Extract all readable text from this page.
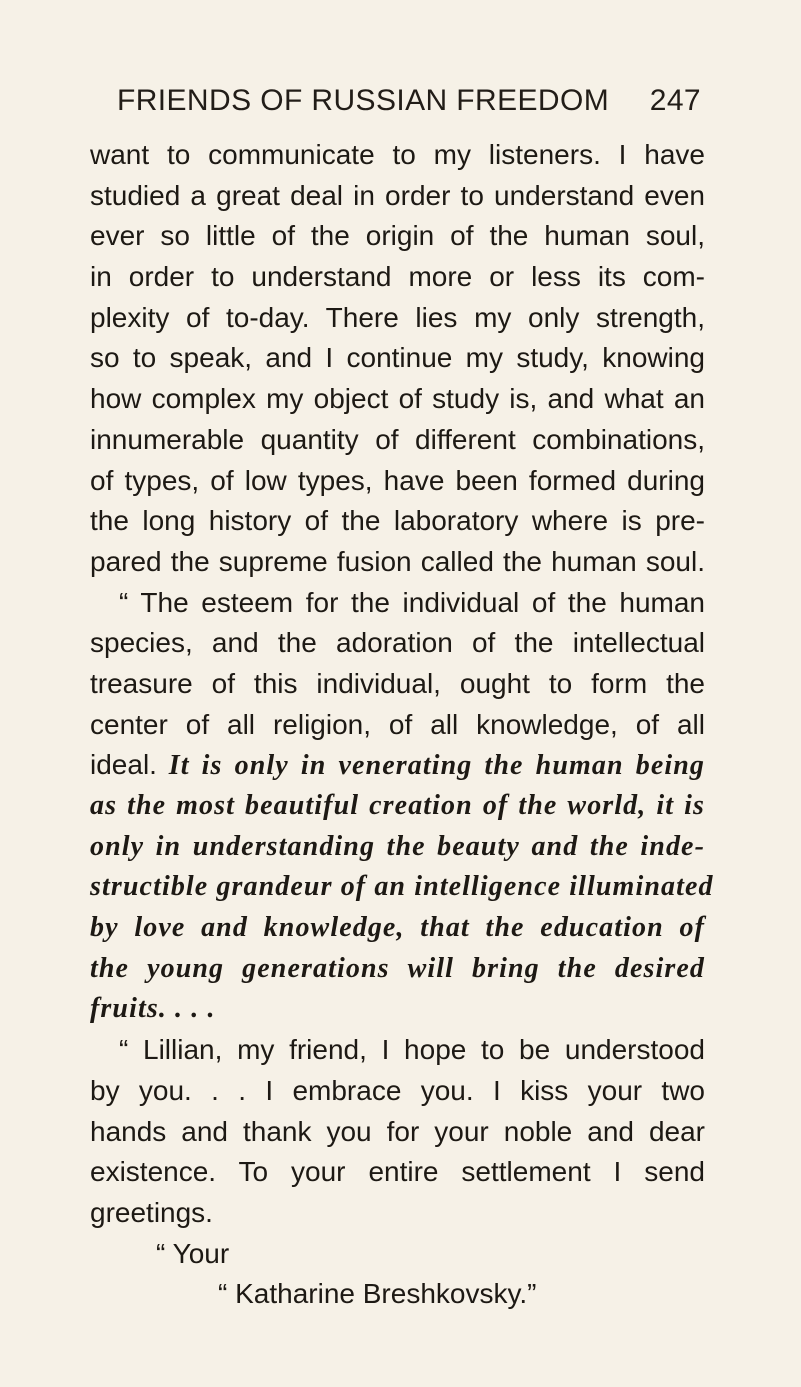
FRIENDS OF RUSSIAN FREEDOM 247
want to communicate to my listeners. I have
studied a great deal in order to understand even
ever so little of the origin of the human soul,
in order to understand more or less its com-
plexity of to-day. There lies my only strength,
so to speak, and I continue my study, knowing
how complex my object of study is, and what an
innumerable quantity of different combinations,
of types, of low types, have been formed during
the long history of the laboratory where is pre-
pared the supreme fusion called the human soul.
“ The esteem for the individual of the human
species, and the adoration of the intellectual
treasure of this individual, ought to form the
center of all religion, of all knowledge, of all
ideal. It is only in venerating the human being
as the most beautiful creation of the world, it is
only in understanding the beauty and the inde-
structible grandeur of an intelligence illuminated
by love and knowledge, that the education of
the young generations will bring the desired
fruits. . . .
“ Lillian, my friend, I hope to be understood
by you. . . I embrace you. I kiss your two
hands and thank you for your noble and dear
existence. To your entire settlement I send
greetings.
“ Your
“ Katharine Breshkovsky.”
